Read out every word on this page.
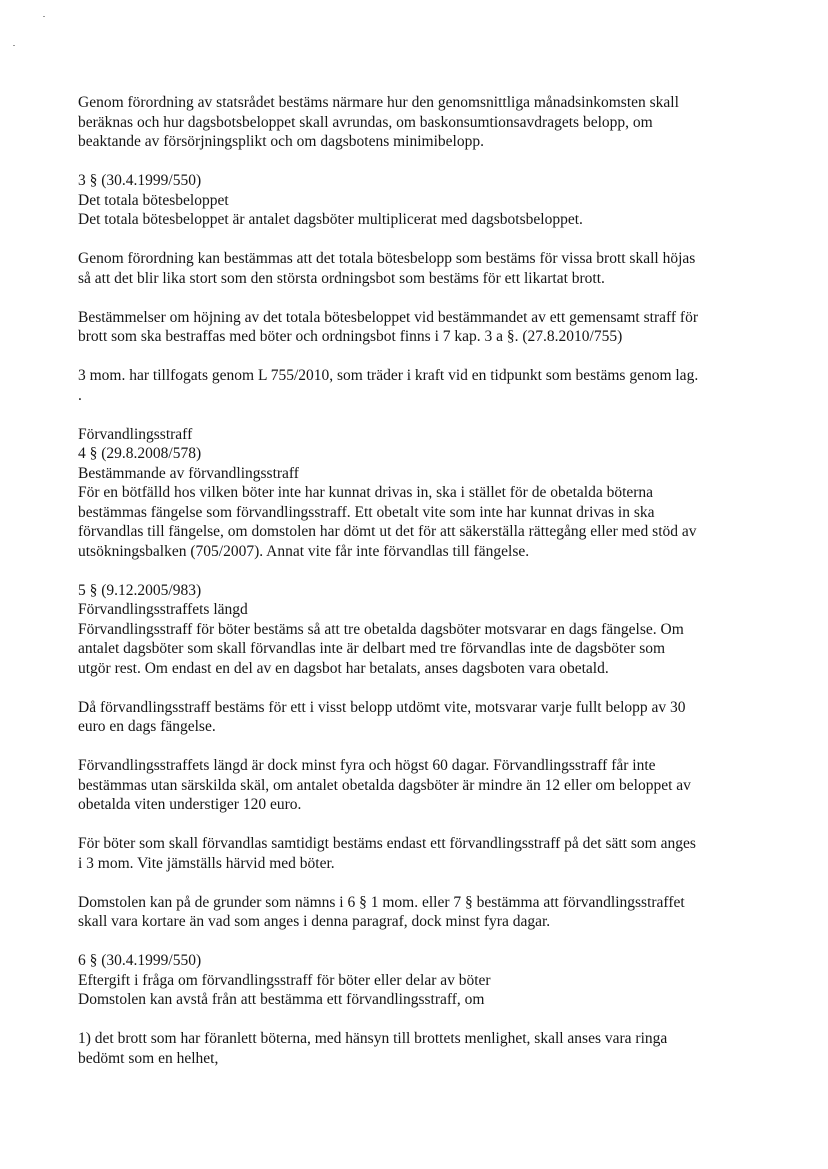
Genom förordning av statsrådet bestäms närmare hur den genomsnittliga månadsinkomsten skall
beräknas och hur dagsbotsbeloppet skall avrundas, om baskonsumtionsavdragets belopp, om
beaktande av försörjningsplikt och om dagsbotens minimibelopp.
3 § (30.4.1999/550)
Det totala bötesbeloppet
Det totala bötesbeloppet är antalet dagsböter multiplicerat med dagsbotsbeloppet.
Genom förordning kan bestämmas att det totala bötesbelopp som bestäms för vissa brott skall höjas
så att det blir lika stort som den största ordningsbot som bestäms för ett likartat brott.
Bestämmelser om höjning av det totala bötesbeloppet vid bestämmandet av ett gemensamt straff för
brott som ska bestraffas med böter och ordningsbot finns i 7 kap. 3 a §. (27.8.2010/755)
3 mom. har tillfogats genom L 755/2010, som träder i kraft vid en tidpunkt som bestäms genom lag.
.
Förvandlingsstraff
4 § (29.8.2008/578)
Bestämmande av förvandlingsstraff
För en bötfälld hos vilken böter inte har kunnat drivas in, ska i stället för de obetalda böterna
bestämmas fängelse som förvandlingsstraff. Ett obetalt vite som inte har kunnat drivas in ska
förvandlas till fängelse, om domstolen har dömt ut det för att säkerställa rättegång eller med stöd av
utsökningsbalken (705/2007). Annat vite får inte förvandlas till fängelse.
5 § (9.12.2005/983)
Förvandlingsstraffets längd
Förvandlingsstraff för böter bestäms så att tre obetalda dagsböter motsvarar en dags fängelse. Om
antalet dagsböter som skall förvandlas inte är delbart med tre förvandlas inte de dagsböter som
utgör rest. Om endast en del av en dagsbot har betalats, anses dagsboten vara obetald.
Då förvandlingsstraff bestäms för ett i visst belopp utdömt vite, motsvarar varje fullt belopp av 30
euro en dags fängelse.
Förvandlingsstraffets längd är dock minst fyra och högst 60 dagar. Förvandlingsstraff får inte
bestämmas utan särskilda skäl, om antalet obetalda dagsböter är mindre än 12 eller om beloppet av
obetalda viten understiger 120 euro.
För böter som skall förvandlas samtidigt bestäms endast ett förvandlingsstraff på det sätt som anges
i 3 mom. Vite jämställs härvid med böter.
Domstolen kan på de grunder som nämns i 6 § 1 mom. eller 7 § bestämma att förvandlingsstraffet
skall vara kortare än vad som anges i denna paragraf, dock minst fyra dagar.
6 § (30.4.1999/550)
Eftergift i fråga om förvandlingsstraff för böter eller delar av böter
Domstolen kan avstå från att bestämma ett förvandlingsstraff, om
1) det brott som har föranlett böterna, med hänsyn till brottets menlighet, skall anses vara ringa
bedömt som en helhet,
